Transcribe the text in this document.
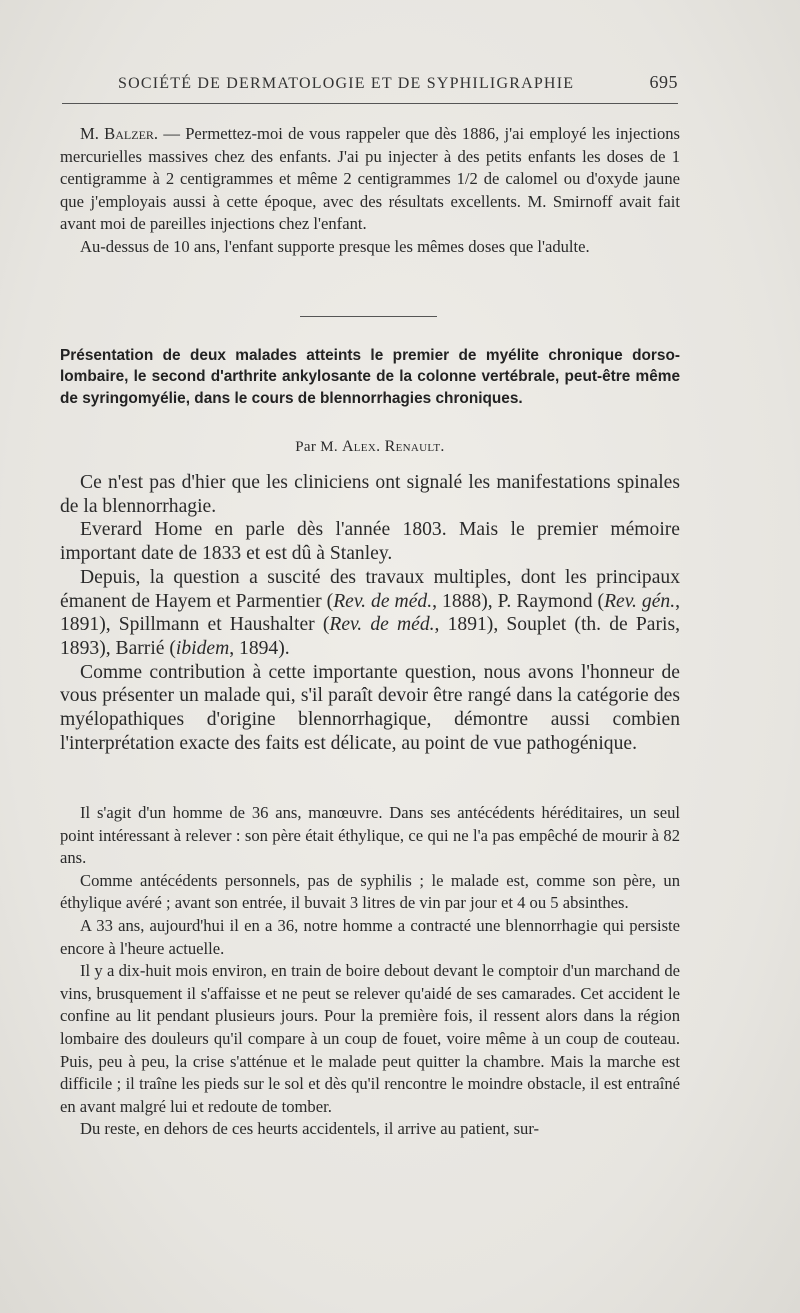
SOCIÉTÉ DE DERMATOLOGIE ET DE SYPHILIGRAPHIE	695

M. Balzer. — Permettez-moi de vous rappeler que dès 1886, j'ai employé les injections mercurielles massives chez des enfants. J'ai pu injecter à des petits enfants les doses de 1 centigramme à 2 centigrammes et même 2 centigrammes 1/2 de calomel ou d'oxyde jaune que j'employais aussi à cette époque, avec des résultats excellents. M. Smirnoff avait fait avant moi de pareilles injections chez l'enfant.

Au-dessus de 10 ans, l'enfant supporte presque les mêmes doses que l'adulte.

Présentation de deux malades atteints le premier de myélite chronique dorso-lombaire, le second d'arthrite ankylosante de la colonne vertébrale, peut-être même de syringomyélie, dans le cours de blennorrhagies chroniques.
Par M. Alex. Renault.

Ce n'est pas d'hier que les cliniciens ont signalé les manifestations spinales de la blennorrhagie.

Everard Home en parle dès l'année 1803. Mais le premier mémoire important date de 1833 et est dû à Stanley.

Depuis, la question a suscité des travaux multiples, dont les principaux émanent de Hayem et Parmentier (Rev. de méd., 1888), P. Raymond (Rev. gén., 1891), Spillmann et Haushalter (Rev. de méd., 1891), Souplet (th. de Paris, 1893), Barrié (ibidem, 1894).

Comme contribution à cette importante question, nous avons l'honneur de vous présenter un malade qui, s'il paraît devoir être rangé dans la catégorie des myélopathiques d'origine blennorrhagique, démontre aussi combien l'interprétation exacte des faits est délicate, au point de vue pathogénique.

Il s'agit d'un homme de 36 ans, manœuvre. Dans ses antécédents héréditaires, un seul point intéressant à relever : son père était éthylique, ce qui ne l'a pas empêché de mourir à 82 ans.

Comme antécédents personnels, pas de syphilis ; le malade est, comme son père, un éthylique avéré ; avant son entrée, il buvait 3 litres de vin par jour et 4 ou 5 absinthes.

A 33 ans, aujourd'hui il en a 36, notre homme a contracté une blennorrhagie qui persiste encore à l'heure actuelle.

Il y a dix-huit mois environ, en train de boire debout devant le comptoir d'un marchand de vins, brusquement il s'affaisse et ne peut se relever qu'aidé de ses camarades. Cet accident le confine au lit pendant plusieurs jours. Pour la première fois, il ressent alors dans la région lombaire des douleurs qu'il compare à un coup de fouet, voire même à un coup de couteau. Puis, peu à peu, la crise s'atténue et le malade peut quitter la chambre. Mais la marche est difficile ; il traîne les pieds sur le sol et dès qu'il rencontre le moindre obstacle, il est entraîné en avant malgré lui et redoute de tomber.

Du reste, en dehors de ces heurts accidentels, il arrive au patient, sur-
